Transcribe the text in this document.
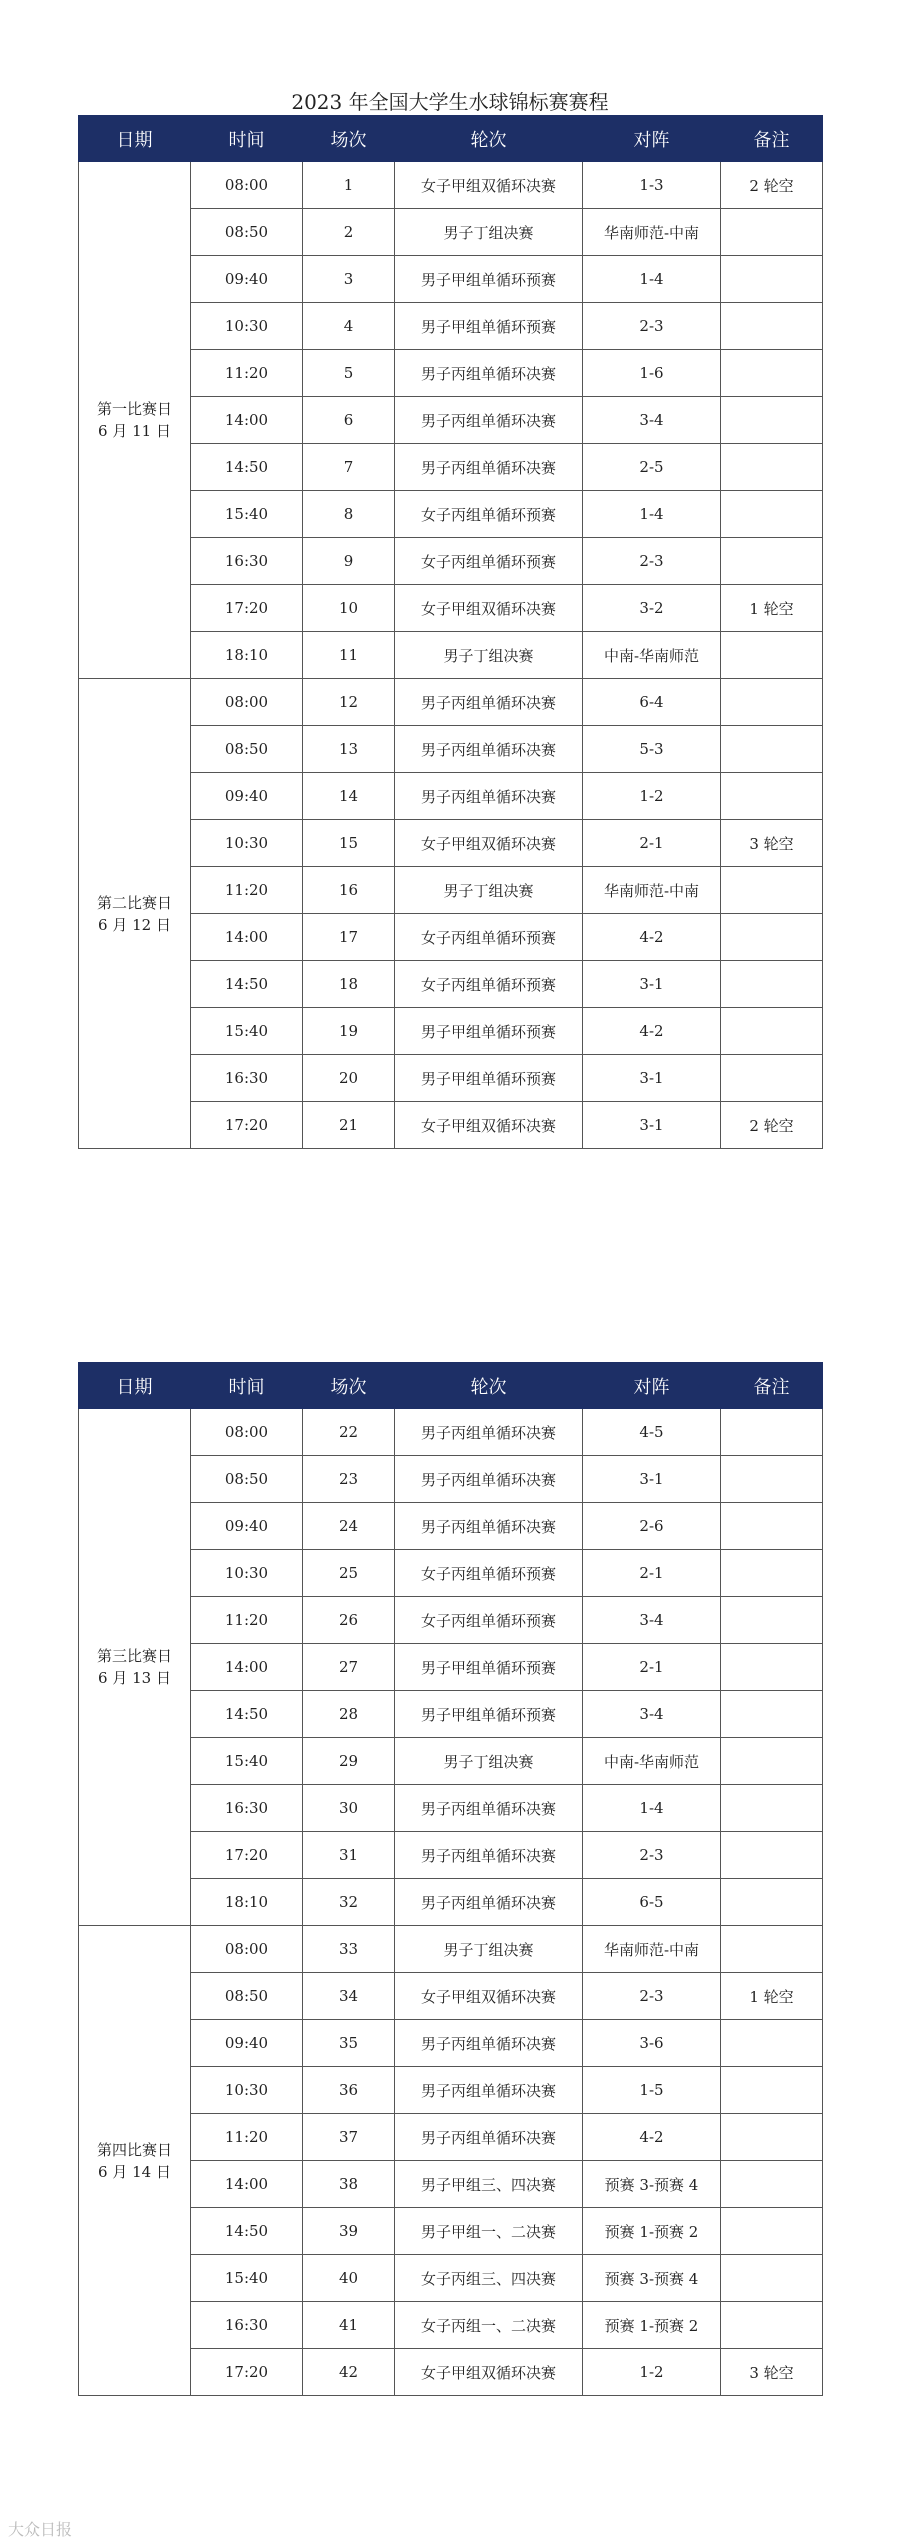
2023 年全国大学生水球锦标赛赛程
日期	时间	场次	轮次	对阵	备注

第一比赛日
6 月 11 日	08:00	1	女子甲组双循环决赛	1-3	2 轮空
	08:50	2	男子丁组决赛	华南师范-中南	
	09:40	3	男子甲组单循环预赛	1-4	
	10:30	4	男子甲组单循环预赛	2-3	
	11:20	5	男子丙组单循环决赛	1-6	
	14:00	6	男子丙组单循环决赛	3-4	
	14:50	7	男子丙组单循环决赛	2-5	
	15:40	8	女子丙组单循环预赛	1-4	
	16:30	9	女子丙组单循环预赛	2-3	
	17:20	10	女子甲组双循环决赛	3-2	1 轮空
	18:10	11	男子丁组决赛	中南-华南师范	

第二比赛日
6 月 12 日	08:00	12	男子丙组单循环决赛	6-4	
	08:50	13	男子丙组单循环决赛	5-3	
	09:40	14	男子丙组单循环决赛	1-2	
	10:30	15	女子甲组双循环决赛	2-1	3 轮空
	11:20	16	男子丁组决赛	华南师范-中南	
	14:00	17	女子丙组单循环预赛	4-2	
	14:50	18	女子丙组单循环预赛	3-1	
	15:40	19	男子甲组单循环预赛	4-2	
	16:30	20	男子甲组单循环预赛	3-1	
	17:20	21	女子甲组双循环决赛	3-1	2 轮空
日期	时间	场次	轮次	对阵	备注

第三比赛日
6 月 13 日	08:00	22	男子丙组单循环决赛	4-5	
	08:50	23	男子丙组单循环决赛	3-1	
	09:40	24	男子丙组单循环决赛	2-6	
	10:30	25	女子丙组单循环预赛	2-1	
	11:20	26	女子丙组单循环预赛	3-4	
	14:00	27	男子甲组单循环预赛	2-1	
	14:50	28	男子甲组单循环预赛	3-4	
	15:40	29	男子丁组决赛	中南-华南师范	
	16:30	30	男子丙组单循环决赛	1-4	
	17:20	31	男子丙组单循环决赛	2-3	
	18:10	32	男子丙组单循环决赛	6-5	

第四比赛日
6 月 14 日	08:00	33	男子丁组决赛	华南师范-中南	
	08:50	34	女子甲组双循环决赛	2-3	1 轮空
	09:40	35	男子丙组单循环决赛	3-6	
	10:30	36	男子丙组单循环决赛	1-5	
	11:20	37	男子丙组单循环决赛	4-2	
	14:00	38	男子甲组三、四决赛	预赛 3-预赛 4	
	14:50	39	男子甲组一、二决赛	预赛 1-预赛 2	
	15:40	40	女子丙组三、四决赛	预赛 3-预赛 4	
	16:30	41	女子丙组一、二决赛	预赛 1-预赛 2	
	17:20	42	女子甲组双循环决赛	1-2	3 轮空
大众日报
